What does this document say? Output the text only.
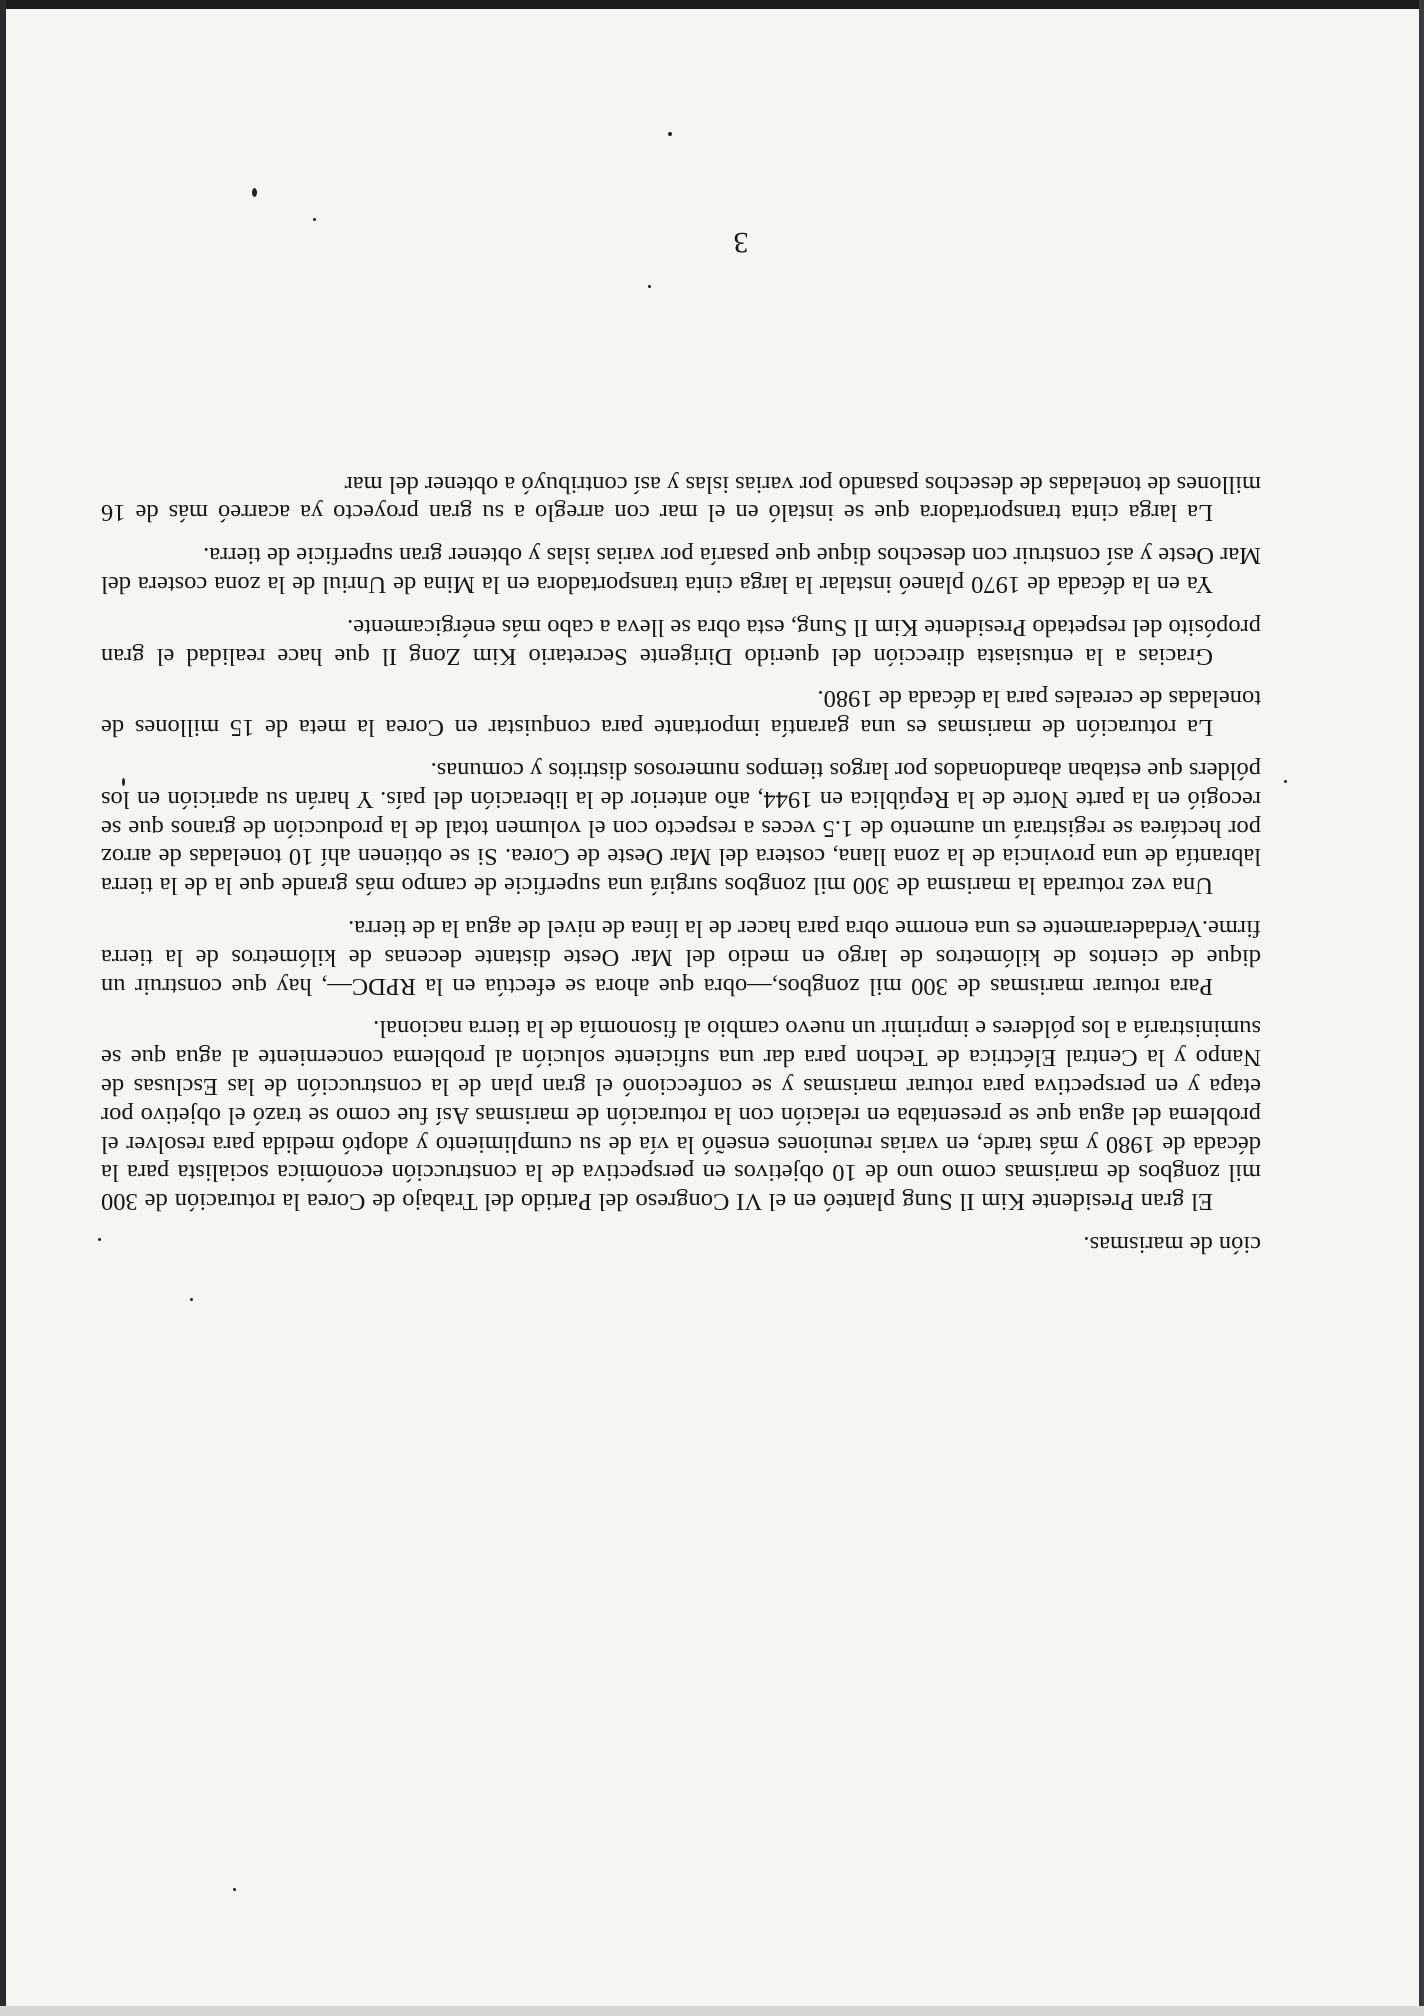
ción de marismas.

El gran Presidente Kim Il Sung planteó en el VI Congreso del Partido del Trabajo de Corea la roturación de 300 mil zongbos de marismas como uno de 10 objetivos en perspectiva de la construcción económica socialista para la década de 1980 y más tarde, en varias reuniones enseñó la vía de su cumplimiento y adoptó medida para resolver el problema del agua que se presentaba en relación con la roturación de marismas Así fue como se trazó el objetivo por etapa y en perspectiva para roturar marismas y se confeccionó el gran plan de la construcción de las Esclusas de Nanpo y la Central Eléctrica de Techon para dar una suficiente solución al problema concerniente al agua que se suministraría a los pólderes e imprimir un nuevo cambio al fisonomía de la tierra nacional.

Para roturar marismas de 300 mil zongbos,—obra que ahora se efectúa en la RPDC—, hay que construir un dique de cientos de kilómetros de largo en medio del Mar Oeste distante decenas de kilómetros de la tierra firme.Verdaderamente es una enorme obra para hacer de la línea de nivel de agua la de tierra.

Una vez roturada la marisma de 300 mil zongbos surgirá una superficie de campo más grande que la de la tierra labrantía de una provincia de la zona llana, costera del Mar Oeste de Corea. Si se obtienen ahí 10 toneladas de arroz por hectárea se registrará un aumento de 1.5 veces a respecto con el volumen total de la producción de granos que se recogió en la parte Norte de la República en 1944, año anterior de la liberación del país. Y harán su aparición en los pólders que estaban abandonados por largos tiempos numerosos distritos y comunas.

La roturación de marismas es una garantía importante para conquistar en Corea la meta de 15 millones de toneladas de cereales para la década de 1980.

Gracias a la entusiasta dirección del querido Dirigente Secretario Kim Zong Il que hace realidad el gran propósito del respetado Presidente Kim Il Sung, esta obra se lleva a cabo más enérgicamente.

Ya en la década de 1970 planeó instalar la larga cinta transportadora en la Mina de Unriul de la zona costera del Mar Oeste y así construir con desechos dique que pasaría por varias islas y obtener gran superficie de tierra.

La larga cinta transportadora que se instaló en el mar con arreglo a su gran proyecto ya acarreó más de 16 millones de toneladas de desechos pasando por varias islas y así contribuyó a obtener del mar

3
